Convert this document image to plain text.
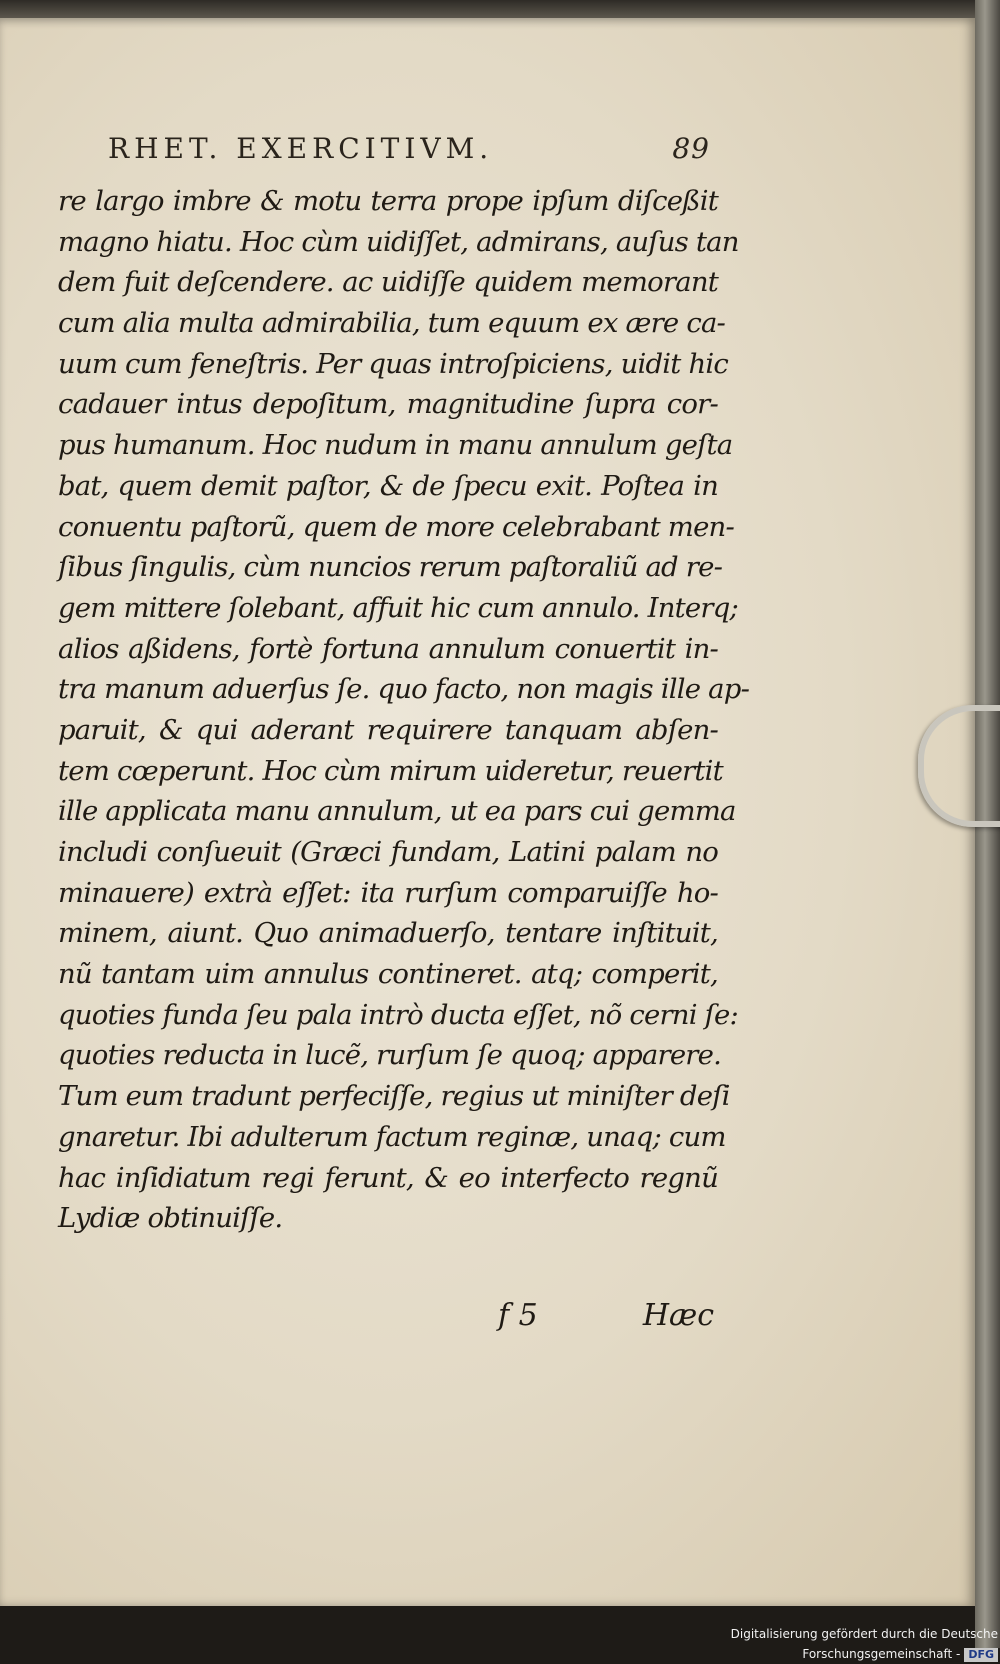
RHET. EXERCITIVM.	89
re largo imbre & motu terra prope ipſum diſceßit
magno hiatu. Hoc cùm uidiſſet, admirans, auſus tan
dem fuit deſcendere. ac uidiſſe quidem memorant
cum alia multa admirabilia, tum equum ex ære ca-
uum cum feneſtris. Per quas introſpiciens, uidit hic
cadauer intus depoſitum, magnitudine ſupra cor-
pus humanum. Hoc nudum in manu annulum geſta
bat, quem demit paſtor, & de ſpecu exit. Poſtea in
conuentu paſtorũ, quem de more celebrabant men-
ſibus ſingulis, cùm nuncios rerum paſtoraliũ ad re-
gem mittere ſolebant, affuit hic cum annulo. Interq;
alios aßidens, fortè fortuna annulum conuertit in-
tra manum aduerſus ſe. quo facto, non magis ille ap-
paruit, & qui aderant requirere tanquam abſen-
tem cœperunt. Hoc cùm mirum uideretur, reuertit
ille applicata manu annulum, ut ea pars cui gemma
includi conſueuit (Græci fundam, Latini palam no
minauere) extrà eſſet: ita rurſum comparuiſſe ho-
minem, aiunt. Quo animaduerſo, tentare inſtituit,
nũ tantam uim annulus contineret. atq; comperit,
quoties funda ſeu pala intrò ducta eſſet, nõ cerni ſe:
quoties reducta in lucẽ, rurſum ſe quoq; apparere.
Tum eum tradunt perfeciſſe, regius ut miniſter deſi
gnaretur. Ibi adulterum factum reginæ, unaq; cum
hac inſidiatum regi ferunt, & eo interfecto regnũ
Lydiæ obtinuiſſe.
f 5	Hæc
Digitalisierung gefördert durch die Deutsche Forschungsgemeinschaft - DFG
